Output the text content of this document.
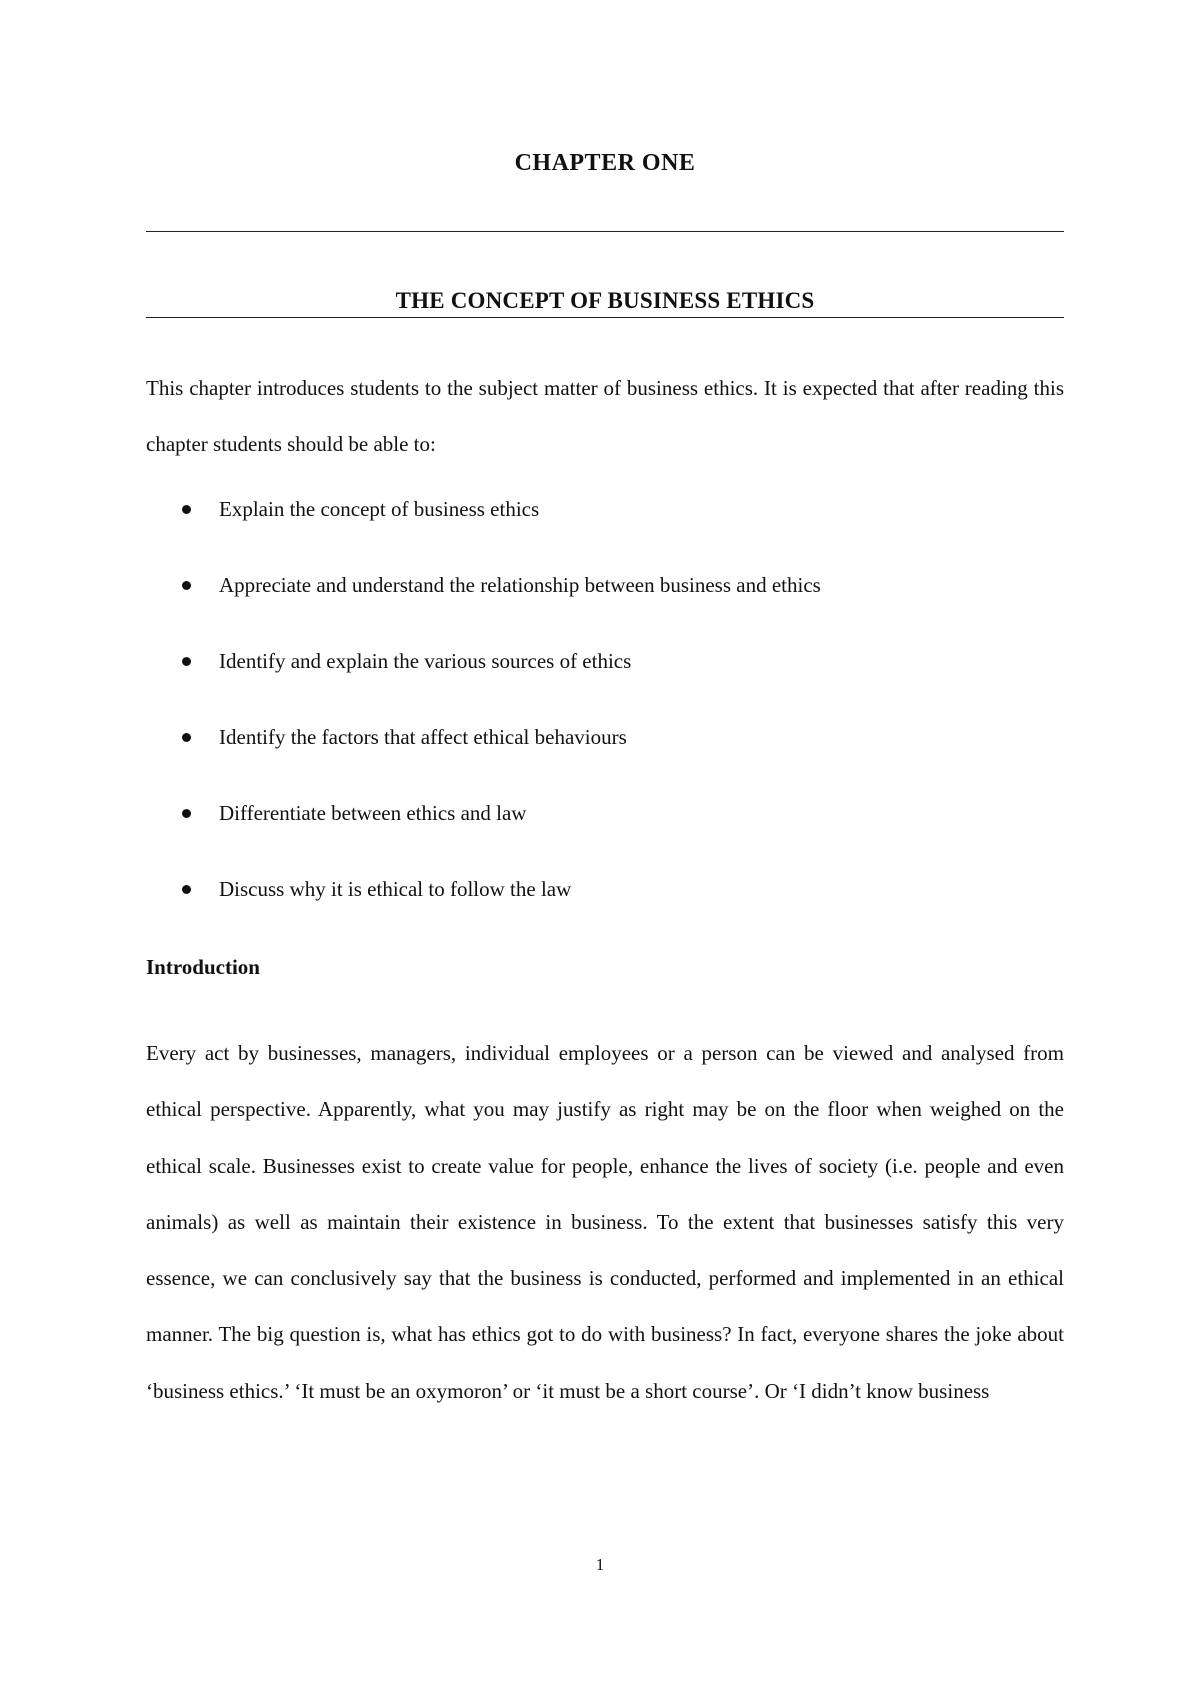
CHAPTER ONE
THE CONCEPT OF BUSINESS ETHICS

This chapter introduces students to the subject matter of business ethics. It is expected that after reading this chapter students should be able to:

Explain the concept of business ethics
Appreciate and understand the relationship between business and ethics
Identify and explain the various sources of ethics
Identify the factors that affect ethical behaviours
Differentiate between ethics and law
Discuss why it is ethical to follow the law
Introduction

Every act by businesses, managers, individual employees or a person can be viewed and analysed from ethical perspective. Apparently, what you may justify as right may be on the floor when weighed on the ethical scale. Businesses exist to create value for people, enhance the lives of society (i.e. people and even animals) as well as maintain their existence in business. To the extent that businesses satisfy this very essence, we can conclusively say that the business is conducted, performed and implemented in an ethical manner. The big question is, what has ethics got to do with business? In fact, everyone shares the joke about ‘business ethics.’ ‘It must be an oxymoron’ or ‘it must be a short course’. Or ‘I didn’t know business

1
